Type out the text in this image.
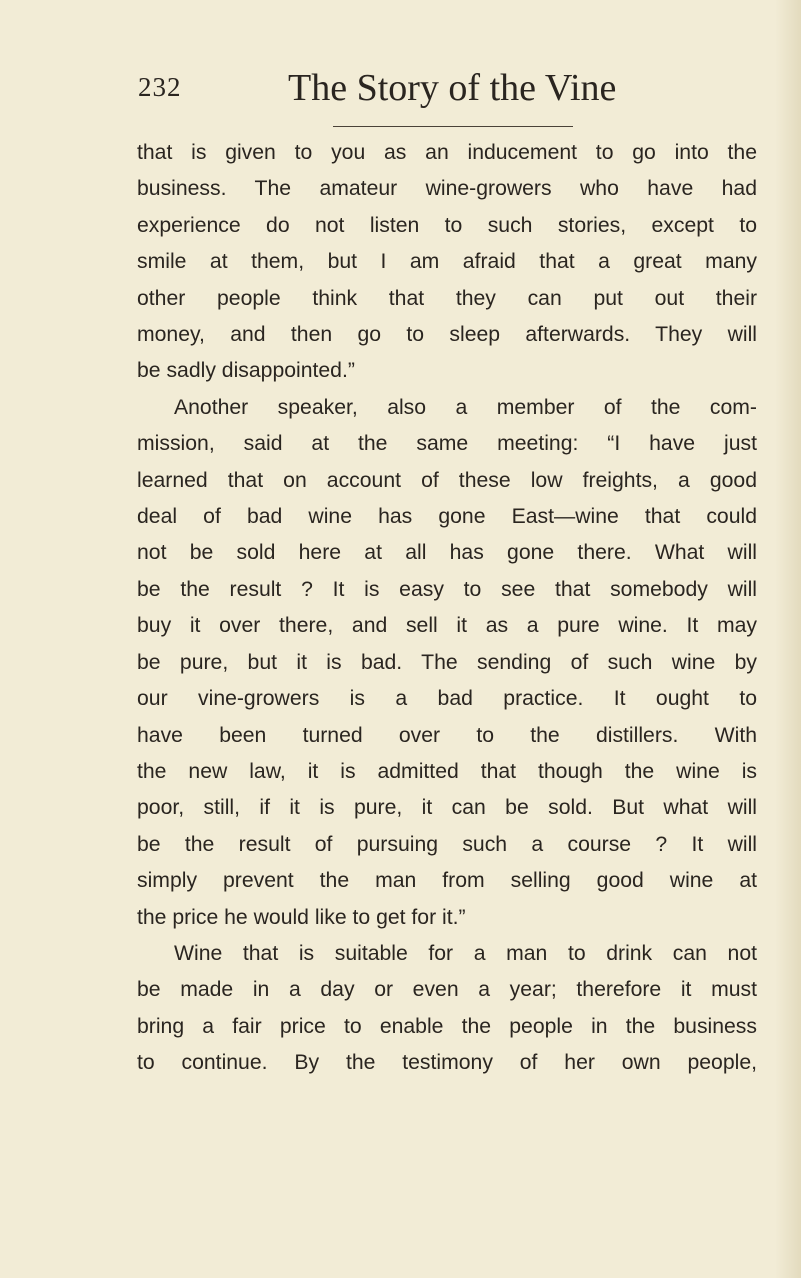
232	The Story of the Vine
that is given to you as an inducement to go into the
business. The amateur wine-growers who have had
experience do not listen to such stories, except to
smile at them, but I am afraid that a great many
other people think that they can put out their
money, and then go to sleep afterwards. They will
be sadly disappointed.”
Another speaker, also a member of the com-
mission, said at the same meeting: “I have just
learned that on account of these low freights, a good
deal of bad wine has gone East—wine that could
not be sold here at all has gone there. What will
be the result ? It is easy to see that somebody will
buy it over there, and sell it as a pure wine. It may
be pure, but it is bad. The sending of such wine by
our vine-growers is a bad practice. It ought to
have been turned over to the distillers. With
the new law, it is admitted that though the wine is
poor, still, if it is pure, it can be sold. But what will
be the result of pursuing such a course ? It will
simply prevent the man from selling good wine at
the price he would like to get for it.”
Wine that is suitable for a man to drink can not
be made in a day or even a year; therefore it must
bring a fair price to enable the people in the business
to continue. By the testimony of her own people,
